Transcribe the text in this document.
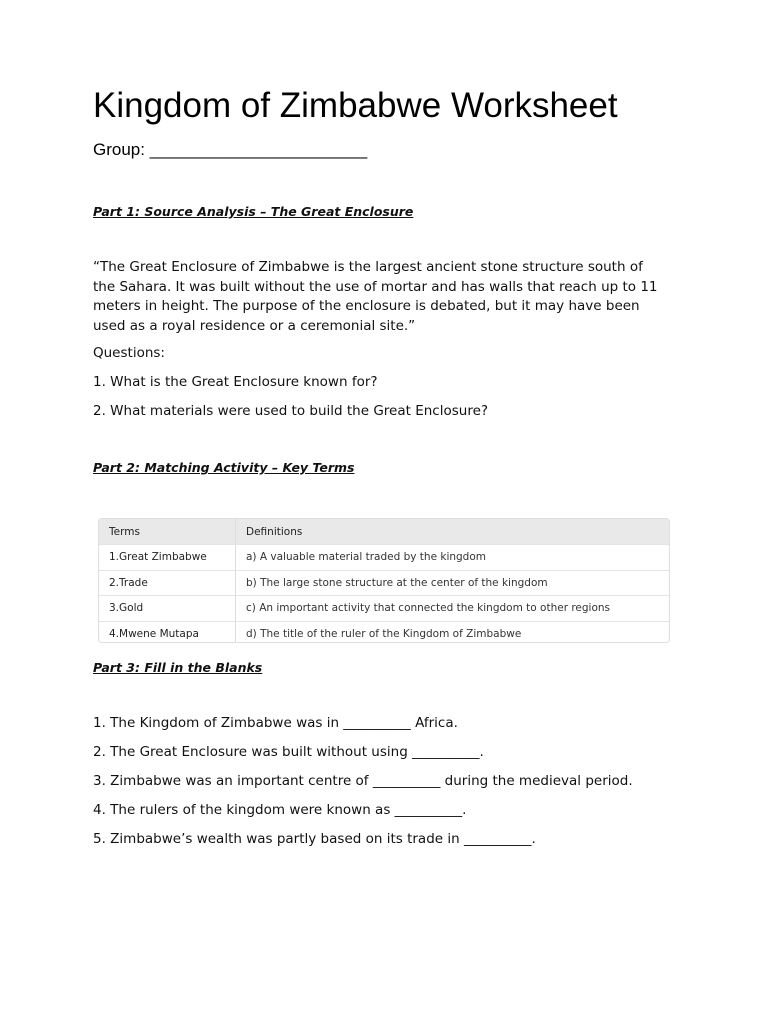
Kingdom of Zimbabwe Worksheet
Group: _______________________
Part 1: Source Analysis – The Great Enclosure
“The Great Enclosure of Zimbabwe is the largest ancient stone structure south of the Sahara. It was built without the use of mortar and has walls that reach up to 11 meters in height. The purpose of the enclosure is debated, but it may have been used as a royal residence or a ceremonial site.”
Questions:
1. What is the Great Enclosure known for?
2. What materials were used to build the Great Enclosure?
Part 2: Matching Activity – Key Terms
Terms	Definitions
1. Great Zimbabwe	a) A valuable material traded by the kingdom
2. Trade	b) The large stone structure at the center of the kingdom
3. Gold	c) An important activity that connected the kingdom to other regions
4. Mwene Mutapa	d) The title of the ruler of the Kingdom of Zimbabwe
Part 3: Fill in the Blanks
1. The Kingdom of Zimbabwe was in __________ Africa.
2. The Great Enclosure was built without using __________.
3. Zimbabwe was an important centre of __________ during the medieval period.
4. The rulers of the kingdom were known as __________.
5. Zimbabwe’s wealth was partly based on its trade in __________.
